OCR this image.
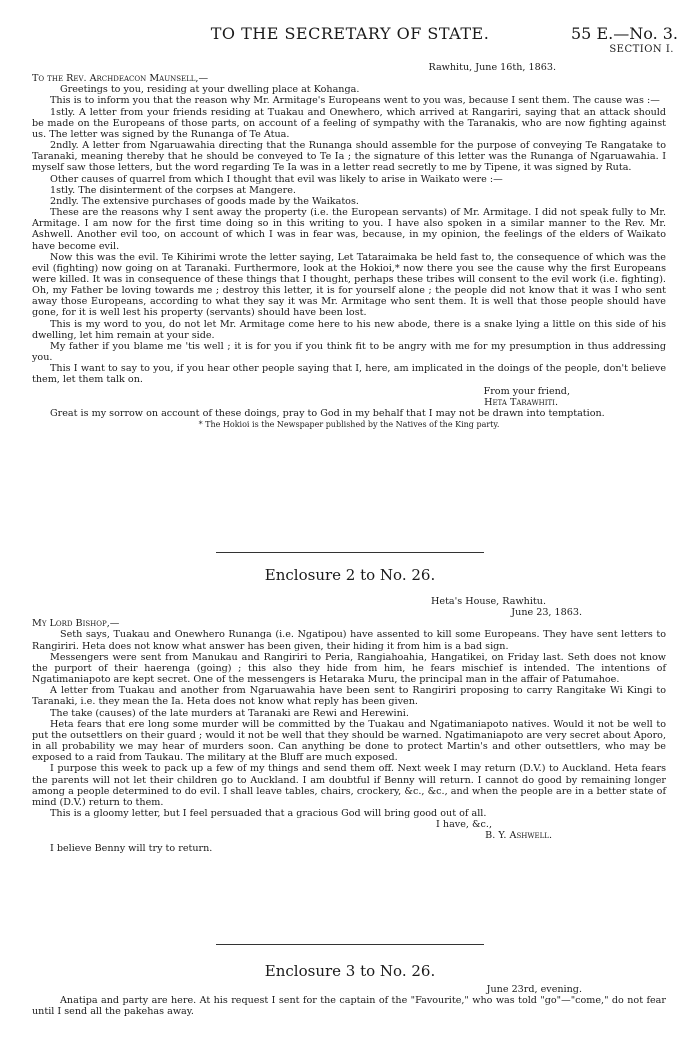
TO THE SECRETARY OF STATE.	55 E.—No. 3.
SECTION I.

Rawhitu, June 16th, 1863.

To the Rev. Archdeacon Maunsell,—

Greetings to you, residing at your dwelling place at Kohanga.

This is to inform you that the reason why Mr. Armitage's Europeans went to you was, because I sent them. The cause was :—

1stly. A letter from your friends residing at Tuakau and Onewhero, which arrived at Rangariri, saying that an attack should be made on the Europeans of those parts, on account of a feeling of sympathy with the Taranakis, who are now fighting against us. The letter was signed by the Runanga of Te Atua.

2ndly. A letter from Ngaruawahia directing that the Runanga should assemble for the purpose of conveying Te Rangatake to Taranaki, meaning thereby that he should be conveyed to Te Ia ; the signature of this letter was the Runanga of Ngaruawahia. I myself saw those letters, but the word regarding Te Ia was in a letter read secretly to me by Tipene, it was signed by Ruta.

Other causes of quarrel from which I thought that evil was likely to arise in Waikato were :—

1stly. The disinterment of the corpses at Mangere.

2ndly. The extensive purchases of goods made by the Waikatos.

These are the reasons why I sent away the property (i.e. the European servants) of Mr. Armitage. I did not speak fully to Mr. Armitage. I am now for the first time doing so in this writing to you. I have also spoken in a similar manner to the Rev. Mr. Ashwell. Another evil too, on account of which I was in fear was, because, in my opinion, the feelings of the elders of Waikato have become evil.

Now this was the evil. Te Kihirimi wrote the letter saying, Let Tataraimaka be held fast to, the consequence of which was the evil (fighting) now going on at Taranaki. Furthermore, look at the Hokioi,* now there you see the cause why the first Europeans were killed. It was in consequence of these things that I thought, perhaps these tribes will consent to the evil work (i.e. fighting). Oh, my Father be loving towards me ; destroy this letter, it is for yourself alone ; the people did not know that it was I who sent away those Europeans, according to what they say it was Mr. Armitage who sent them. It is well that those people should have gone, for it is well lest his property (servants) should have been lost.

This is my word to you, do not let Mr. Armitage come here to his new abode, there is a snake lying a little on this side of his dwelling, let him remain at your side.

My father if you blame me 'tis well ; it is for you if you think fit to be angry with me for my presumption in thus addressing you.

This I want to say to you, if you hear other people saying that I, here, am implicated in the doings of the people, don't believe them, let them talk on.

From your friend,

Heta Tarawhiti.

Great is my sorrow on account of these doings, pray to God in my behalf that I may not be drawn into temptation.

* The Hokioi is the Newspaper published by the Natives of the King party.

Enclosure 2 to No. 26.

Heta's House, Rawhitu.

June 23, 1863.

My Lord Bishop,—

Seth says, Tuakau and Onewhero Runanga (i.e. Ngatipou) have assented to kill some Europeans. They have sent letters to Rangiriri. Heta does not know what answer has been given, their hiding it from him is a bad sign.

Messengers were sent from Manukau and Rangiriri to Peria, Rangiahoahia, Hangatikei, on Friday last. Seth does not know the purport of their haerenga (going) ; this also they hide from him, he fears mischief is intended. The intentions of Ngatimaniapoto are kept secret. One of the messengers is Hetaraka Muru, the principal man in the affair of Patumahoe.

A letter from Tuakau and another from Ngaruawahia have been sent to Rangiriri proposing to carry Rangitake Wi Kingi to Taranaki, i.e. they mean the Ia. Heta does not know what reply has been given.

The take (causes) of the late murders at Taranaki are Rewi and Herewini.

Heta fears that ere long some murder will be committed by the Tuakau and Ngatimaniapoto natives. Would it not be well to put the outsettlers on their guard ; would it not be well that they should be warned. Ngatimaniapoto are very secret about Aporo, in all probability we may hear of murders soon. Can anything be done to protect Martin's and other outsettlers, who may be exposed to a raid from Taukau. The military at the Bluff are much exposed.

I purpose this week to pack up a few of my things and send them off. Next week I may return (D.V.) to Auckland. Heta fears the parents will not let their children go to Auckland. I am doubtful if Benny will return. I cannot do good by remaining longer among a people determined to do evil. I shall leave tables, chairs, crockery, &c., &c., and when the people are in a better state of mind (D.V.) return to them.

This is a gloomy letter, but I feel persuaded that a gracious God will bring good out of all.

I have, &c.,

B. Y. Ashwell.

I believe Benny will try to return.

Enclosure 3 to No. 26.

June 23rd, evening.

Anatipa and party are here. At his request I sent for the captain of the "Favourite," who was told "go"—"come," do not fear until I send all the pakehas away.
